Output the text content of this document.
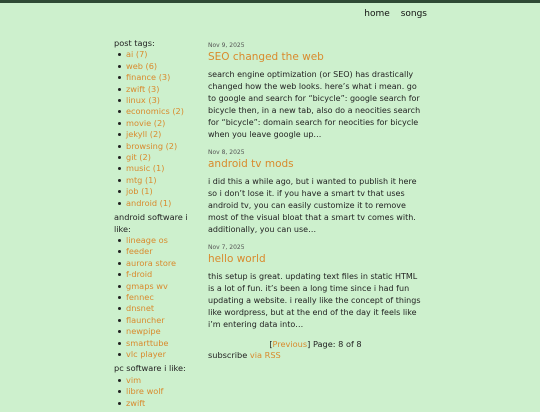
home songs

post tags:

ai (7)
web (6)
finance (3)
zwift (3)
linux (3)
economics (2)
movie (2)
jekyll (2)
browsing (2)
git (2)
music (1)
mtg (1)
job (1)
android (1)

android software i like:

lineage os
feeder
aurora store
f-droid
gmaps wv
fennec
dnsnet
flauncher
newpipe
smarttube
vlc player

pc software i like:

vim
libre wolf
zwift
Nov 9, 2025
SEO changed the web

search engine optimization (or SEO) has drastically changed how the web looks. here’s what i mean. go to google and search for “bicycle”: google search for bicycle then, in a new tab, also do a neocities search for “bicycle”: domain search for neocities for bicycle when you leave google up…

Nov 8, 2025
android tv mods

i did this a while ago, but i wanted to publish it here so i don’t lose it. if you have a smart tv that uses android tv, you can easily customize it to remove most of the visual bloat that a smart tv comes with. additionally, you can use…

Nov 7, 2025
hello world

this setup is great. updating text files in static HTML is a lot of fun. it’s been a long time since i had fun updating a website. i really like the concept of things like wordpress, but at the end of the day it feels like i’m entering data into…

[Previous] Page: 8 of 8
subscribe via RSS
